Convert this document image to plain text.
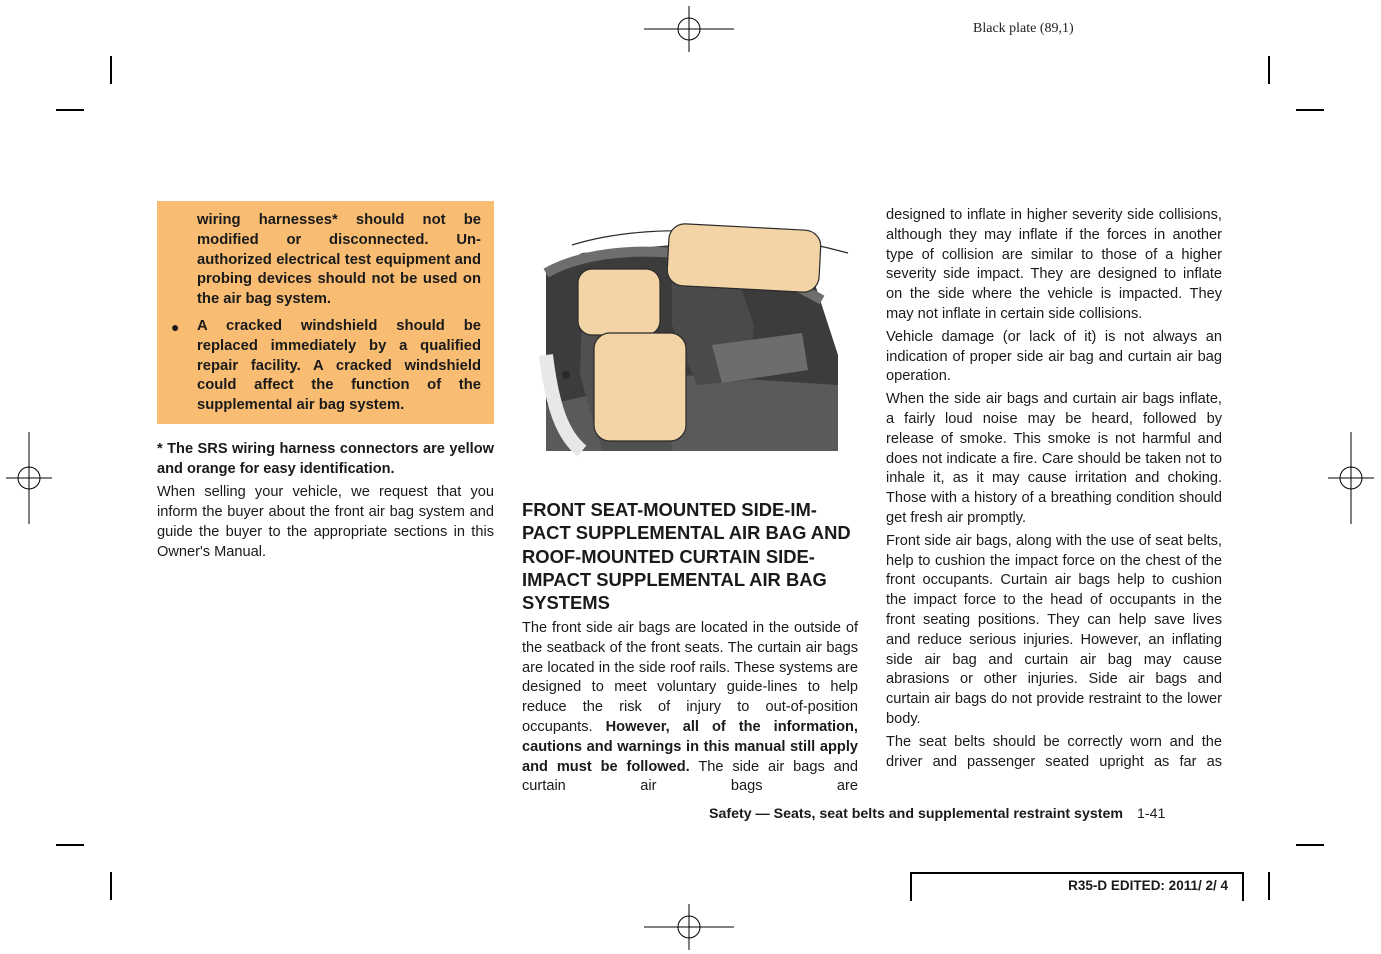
Black plate (89,1)

wiring harnesses* should not be modified or disconnected. Un-authorized electrical test equipment and probing devices should not be used on the air bag system.

● A cracked windshield should be replaced immediately by a qualified repair facility. A cracked windshield could affect the function of the supplemental air bag system.

* The SRS wiring harness connectors are yellow and orange for easy identification.

When selling your vehicle, we request that you inform the buyer about the front air bag system and guide the buyer to the appropriate sections in this Owner's Manual.

FRONT SEAT-MOUNTED SIDE-IM-PACT SUPPLEMENTAL AIR BAG AND ROOF-MOUNTED CURTAIN SIDE-IMPACT SUPPLEMENTAL AIR BAG SYSTEMS

The front side air bags are located in the outside of the seatback of the front seats. The curtain air bags are located in the side roof rails. These systems are designed to meet voluntary guide-lines to help reduce the risk of injury to out-of-position occupants. However, all of the information, cautions and warnings in this manual still apply and must be followed. The side air bags and curtain air bags are

designed to inflate in higher severity side collisions, although they may inflate if the forces in another type of collision are similar to those of a higher severity side impact. They are designed to inflate on the side where the vehicle is impacted. They may not inflate in certain side collisions.

Vehicle damage (or lack of it) is not always an indication of proper side air bag and curtain air bag operation.

When the side air bags and curtain air bags inflate, a fairly loud noise may be heard, followed by release of smoke. This smoke is not harmful and does not indicate a fire. Care should be taken not to inhale it, as it may cause irritation and choking. Those with a history of a breathing condition should get fresh air promptly.

Front side air bags, along with the use of seat belts, help to cushion the impact force on the chest of the front occupants. Curtain air bags help to cushion the impact force to the head of occupants in the front seating positions. They can help save lives and reduce serious injuries. However, an inflating side air bag and curtain air bag may cause abrasions or other injuries. Side air bags and curtain air bags do not provide restraint to the lower body.

The seat belts should be correctly worn and the driver and passenger seated upright as far as

Safety — Seats, seat belts and supplemental restraint system 1-41
R35-D EDITED: 2011/ 2/ 4
